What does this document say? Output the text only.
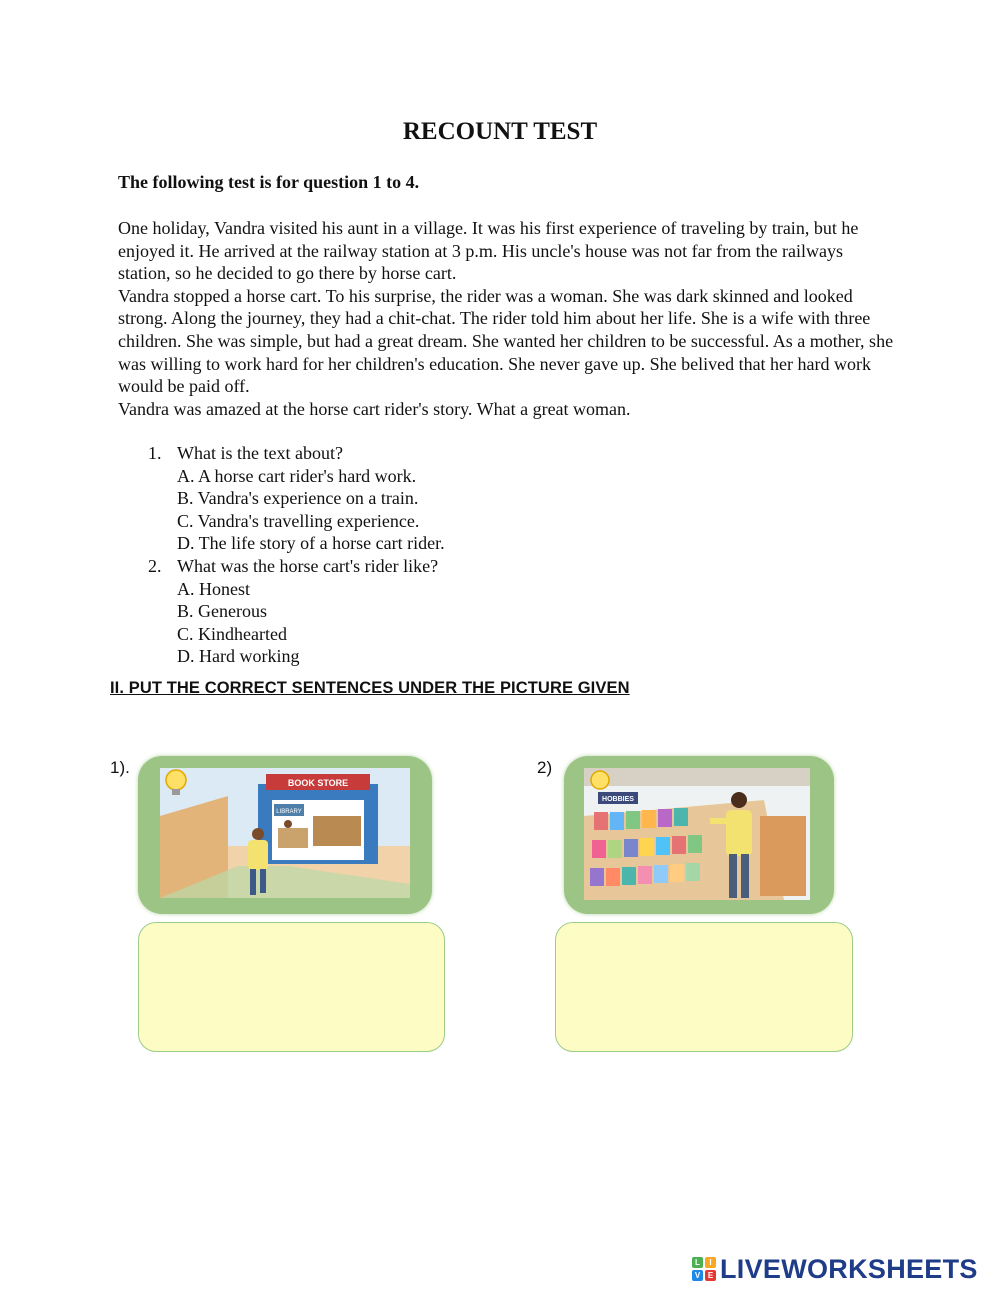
RECOUNT TEST
The following test is for question 1 to 4.

One holiday, Vandra visited his aunt in a village. It was his first experience of traveling by train, but he enjoyed it. He arrived at the railway station at 3 p.m. His uncle's house was not far from the railways station, so he decided to go there by horse cart.

Vandra stopped a horse cart. To his surprise, the rider was a woman. She was dark skinned and looked strong. Along the journey, they had a chit-chat. The rider told him about her life. She is a wife with three children. She was simple, but had a great dream. She wanted her children to be successful. As a mother, she was willing to work hard for her children's education. She never gave up. She belived that her hard work would be paid off.

Vandra was amazed at the horse cart rider's story. What a great woman.

1. What is the text about?
A. A horse cart rider's hard work.
B. Vandra's experience on a train.
C. Vandra's travelling experience.
D. The life story of a horse cart rider.
2. What was the horse cart's rider like?
A. Honest
B. Generous
C. Kindhearted
D. Hard working
II. PUT THE CORRECT SENTENCES UNDER THE PICTURE GIVEN
1).
BOOK STORE
LIBRARY
2)
HOBBIES
L	I
V E LIVEWORKSHEETS
